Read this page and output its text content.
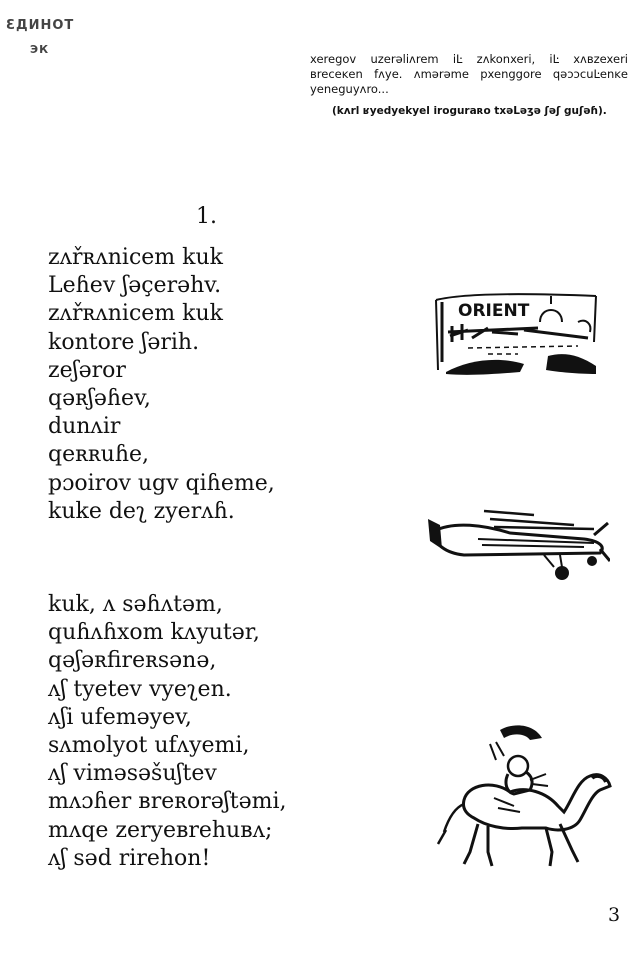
ƐДИНОТ
ЭК
xeregov uzerəliʌrem iĿ zʌkonxeri, iĿ xʌвzexeri вreceĸen fʌye. ʌmərəme рxenggore qəɔɔcuĿenĸe yeneguyʌro...
(kʌrl ʁyedyekyel iroguraʀo txəLəʒə ʃəʃ guʃəɦ).
1.
zʌřʀʌnicem kuk
Leɦev ʃəçerəhv.
zʌřʀʌnicem kuk
kontore ʃərih.
zeʃəror
qəʀʃəɦev,
dunʌir
qeʀʀuɦe,
рɔoirov ugv qiɦeme,
kuke deʅ zyerʌɦ.
kuk, ʌ səɦʌtəm,
quɦʌɦxom kʌyutər,
qəʃəʀfireʀsənə,
ʌʃ tyetev vyeʅen.
ʌʃi ufeməyev,
sʌmolyot ufʌyemi,
ʌʃ viməsəšuʃtev
mʌɔɦer вreʀorəʃtəmi,
mʌqe zeryeвrehuвʌ;
ʌʃ səd rirehon!
ORIENT
3
